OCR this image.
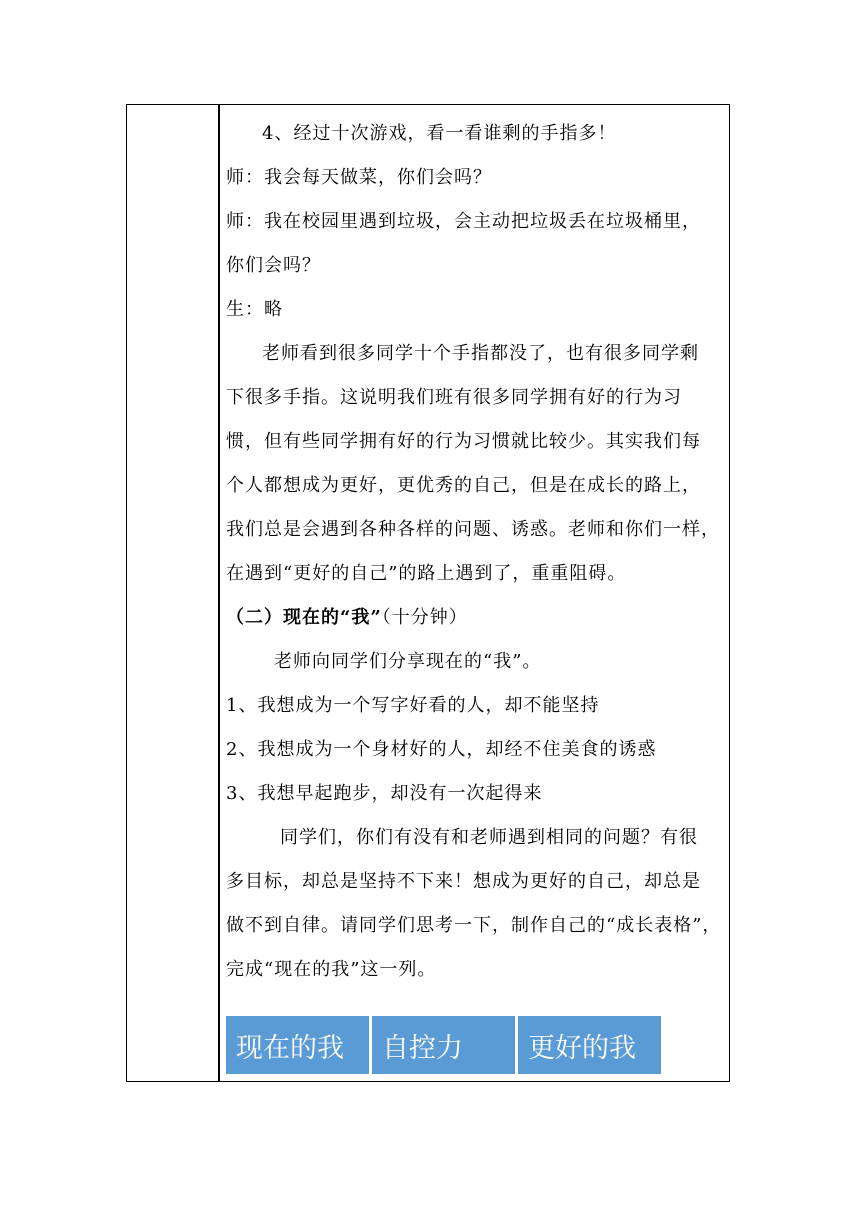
4、经过十次游戏，看一看谁剩的手指多！
师：我会每天做菜，你们会吗？
师：我在校园里遇到垃圾，会主动把垃圾丢在垃圾桶里，
你们会吗？
生：略
老师看到很多同学十个手指都没了，也有很多同学剩
下很多手指。这说明我们班有很多同学拥有好的行为习
惯，但有些同学拥有好的行为习惯就比较少。其实我们每
个人都想成为更好，更优秀的自己，但是在成长的路上，
我们总是会遇到各种各样的问题、诱惑。老师和你们一样，
在遇到“更好的自己”的路上遇到了，重重阻碍。
（二）现在的“我”（十分钟）
老师向同学们分享现在的“我”。
1、我想成为一个写字好看的人，却不能坚持
2、我想成为一个身材好的人，却经不住美食的诱惑
3、我想早起跑步，却没有一次起得来
同学们，你们有没有和老师遇到相同的问题？有很
多目标，却总是坚持不下来！想成为更好的自己，却总是
做不到自律。请同学们思考一下，制作自己的“成长表格”，
完成“现在的我”这一列。
现在的我	自控力	更好的我
